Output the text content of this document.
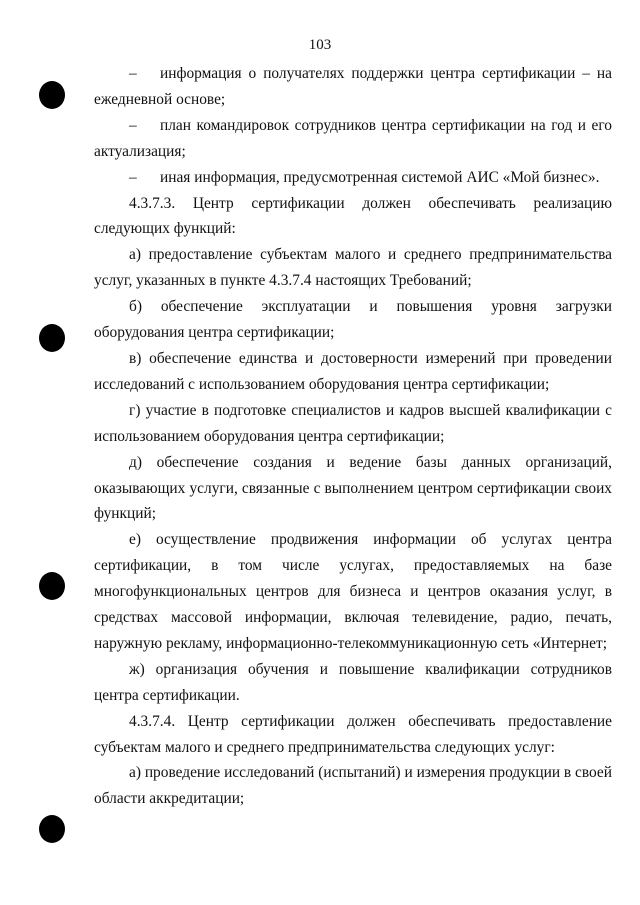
103

– информация о получателях поддержки центра сертификации – на ежедневной основе;

– план командировок сотрудников центра сертификации на год и его актуализация;

– иная информация, предусмотренная системой АИС «Мой бизнес».

4.3.7.3. Центр сертификации должен обеспечивать реализацию следующих функций:

а) предоставление субъектам малого и среднего предпринимательства услуг, указанных в пункте 4.3.7.4 настоящих Требований;

б) обеспечение эксплуатации и повышения уровня загрузки оборудования центра сертификации;

в) обеспечение единства и достоверности измерений при проведении исследований с использованием оборудования центра сертификации;

г) участие в подготовке специалистов и кадров высшей квалификации с использованием оборудования центра сертификации;

д) обеспечение создания и ведение базы данных организаций, оказывающих услуги, связанные с выполнением центром сертификации своих функций;

е) осуществление продвижения информации об услугах центра сертификации, в том числе услугах, предоставляемых на базе многофункциональных центров для бизнеса и центров оказания услуг, в средствах массовой информации, включая телевидение, радио, печать, наружную рекламу, информационно-телекоммуникационную сеть «Интернет;

ж) организация обучения и повышение квалификации сотрудников центра сертификации.

4.3.7.4. Центр сертификации должен обеспечивать предоставление субъектам малого и среднего предпринимательства следующих услуг:

а) проведение исследований (испытаний) и измерения продукции в своей области аккредитации;
